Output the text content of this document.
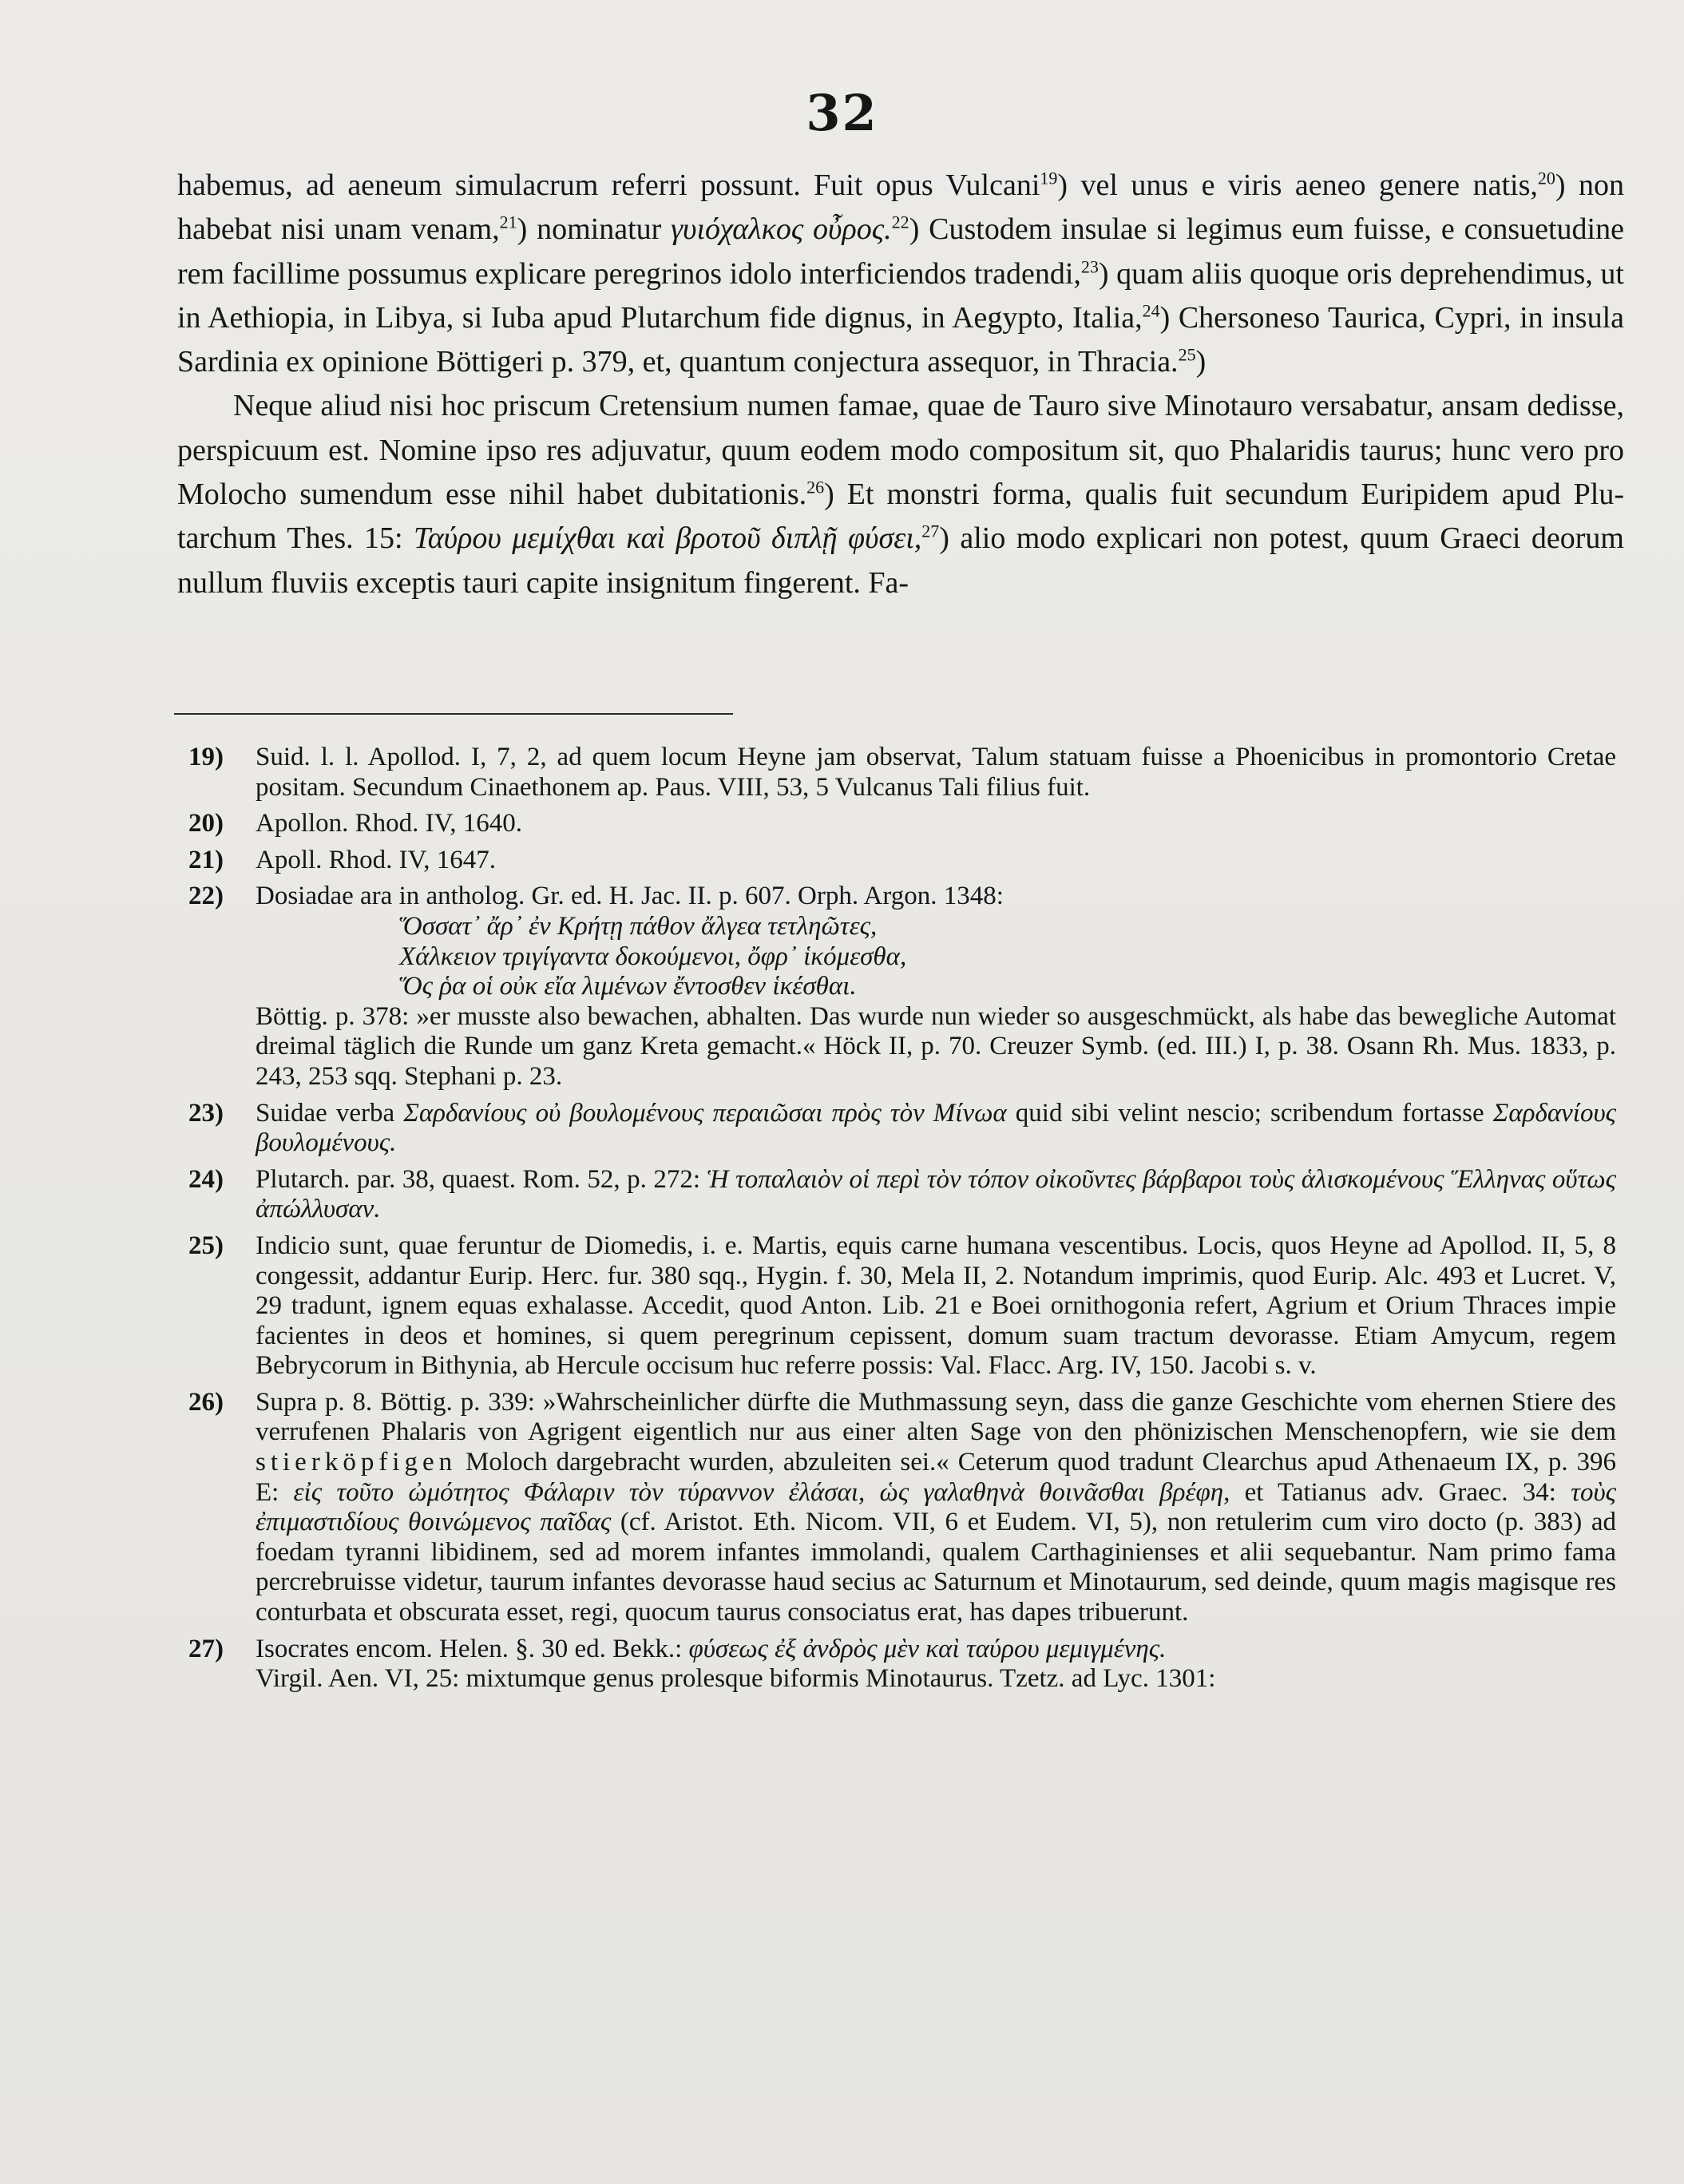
32

habemus, ad aeneum simulacrum referri possunt. Fuit opus Vulcani$^{19}$) vel unus e viris aeneo genere natis,$^{20}$) non habebat nisi unam venam,$^{21}$) nominatur γυιόχαλκος οὖρος.$^{22}$) Custodem insulae si legimus eum fuisse, e consuetudine rem facillime possumus explicare peregrinos idolo interficiendos tradendi,$^{23}$) quam aliis quoque oris deprehendimus, ut in Aethiopia, in Libya, si Iuba apud Plutarchum fide dignus, in Aegypto, Italia,$^{24}$) Chersoneso Taurica, Cypri, in insula Sardinia ex opinione Böttigeri p. 379, et, quantum conjectura assequor, in Thracia.$^{25}$)

Neque aliud nisi hoc priscum Cretensium numen famae, quae de Tauro sive Minotauro versabatur, ansam dedisse, perspicuum est. Nomine ipso res adjuvatur, quum eodem modo compositum sit, quo Phalaridis taurus; hunc vero pro Molocho sumendum esse nihil habet dubitationis.$^{26}$) Et monstri forma, qualis fuit secundum Euripidem apud Plutarchum Thes. 15: Ταύρου μεμίχθαι καὶ βροτοῦ διπλῇ φύσει,$^{27}$) alio modo explicari non potest, quum Graeci deorum nullum fluviis exceptis tauri capite insignitum fingerent. Fa-

19)	Suid. l. l. Apollod. I, 7, 2, ad quem locum Heyne jam observat, Talum statuam fuisse a Phoenicibus in promontorio Cretae positam. Secundum Cinaethonem ap. Paus. VIII, 53, 5 Vulcanus Tali filius fuit.
20)	Apollon. Rhod. IV, 1640.
21)	Apoll. Rhod. IV, 1647.
22)	Dosiadae ara in antholog. Gr. ed. H. Jac. II. p. 607. Orph. Argon. 1348:
Ὅσσατ᾽ ἄρ᾽ ἐν Κρήτῃ πάθον ἄλγεα τετληῶτες,
Χάλκειον τριγίγαντα δοκούμενοι, ὄφρ᾽ ἱκόμεσθα,
Ὅς ῥα οἱ οὐκ εἴα λιμένων ἔντοσθεν ἱκέσθαι.
Böttig. p. 378: »er musste also bewachen, abhalten. Das wurde nun wieder so ausgeschmückt, als habe das bewegliche Automat dreimal täglich die Runde um ganz Kreta gemacht.« Höck II, p. 70. Creuzer Symb. (ed. III.) I, p. 38. Osann Rh. Mus. 1833, p. 243, 253 sqq. Stephani p. 23.
23)	Suidae verba Σαρδανίους οὐ βουλομένους περαιῶσαι πρὸς τὸν Μίνωα quid sibi velint nescio; scribendum fortasse Σαρδανίους βουλομένους.
24)	Plutarch. par. 38, quaest. Rom. 52, p. 272: Ἡ τοπαλαιὸν οἱ περὶ τὸν τόπον οἰκοῦντες βάρβαροι τοὺς ἁλισκομένους Ἕλληνας οὕτως ἀπώλλυσαν.
25)	Indicio sunt, quae feruntur de Diomedis, i. e. Martis, equis carne humana vescentibus. Locis, quos Heyne ad Apollod. II, 5, 8 congessit, addantur Eurip. Herc. fur. 380 sqq., Hygin. f. 30, Mela II, 2. Notandum imprimis, quod Eurip. Alc. 493 et Lucret. V, 29 tradunt, ignem equas exhalasse. Accedit, quod Anton. Lib. 21 e Boei ornithogonia refert, Agrium et Orium Thraces impie facientes in deos et homines, si quem peregrinum cepissent, domum suam tractum devorasse. Etiam Amycum, regem Bebrycorum in Bithynia, ab Hercule occisum huc referre possis: Val. Flacc. Arg. IV, 150. Jacobi s. v.
26)	Supra p. 8. Böttig. p. 339: »Wahrscheinlicher dürfte die Muthmassung seyn, dass die ganze Geschichte vom ehernen Stiere des verrufenen Phalaris von Agrigent eigentlich nur aus einer alten Sage von den phönizischen Menschenopfern, wie sie dem stierköpfigen Moloch dargebracht wurden, abzuleiten sei.« Ceterum quod tradunt Clearchus apud Athenaeum IX, p. 396 E: εἰς τοῦτο ὠμότητος Φάλαριν τὸν τύραννον ἐλάσαι, ὡς γαλαθηνὰ θοινᾶσθαι βρέφη, et Tatianus adv. Graec. 34: τοὺς ἐπιμαστιδίους θοινώμενος παῖδας (cf. Aristot. Eth. Nicom. VII, 6 et Eudem. VI, 5), non retulerim cum viro docto (p. 383) ad foedam tyranni libidinem, sed ad morem infantes immolandi, qualem Carthaginienses et alii sequebantur. Nam primo fama percrebruisse videtur, taurum infantes devorasse haud secius ac Saturnum et Minotaurum, sed deinde, quum magis magisque res conturbata et obscurata esset, regi, quocum taurus consociatus erat, has dapes tribuerunt.
27)	Isocrates encom. Helen. §. 30 ed. Bekk.: φύσεως ἐξ ἀνδρὸς μὲν καὶ ταύρου μεμιγμένης.
Virgil. Aen. VI, 25: mixtumque genus prolesque biformis Minotaurus. Tzetz. ad Lyc. 1301:
